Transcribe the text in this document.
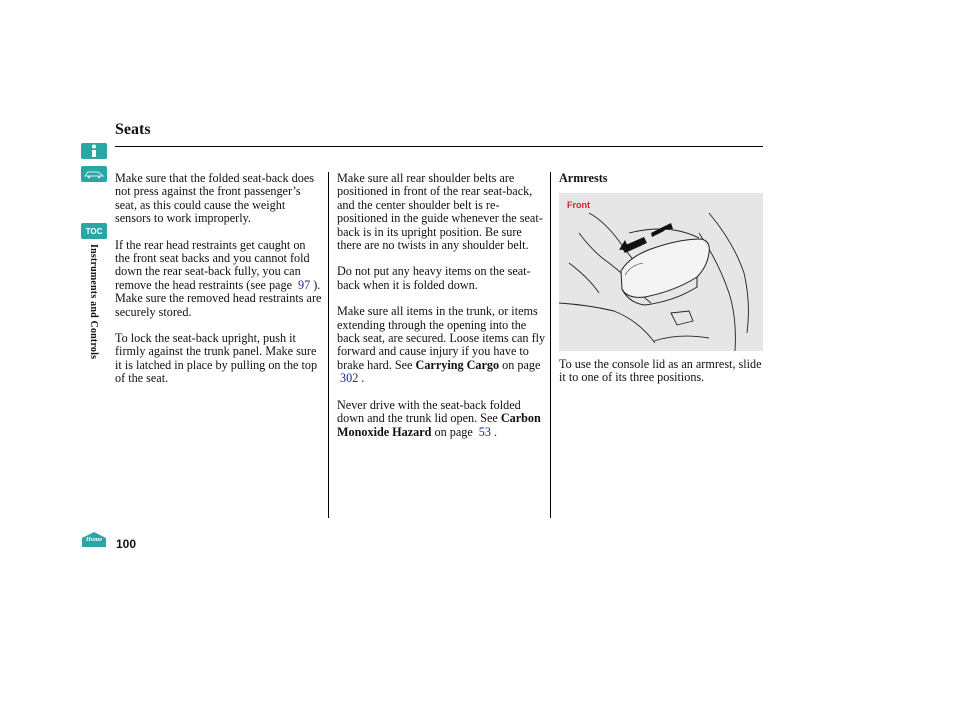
Seats
TOC
Instruments and Controls

Make sure that the folded seat-back does not press against the front passenger’s seat, as this could cause the weight sensors to work improperly.

If the rear head restraints get caught on the front seat backs and you cannot fold down the rear seat-back fully, you can remove the head restraints (see page 97 ).

Make sure the removed head restraints are securely stored.

To lock the seat-back upright, push it firmly against the trunk panel. Make sure it is latched in place by pulling on the top of the seat.

Make sure all rear shoulder belts are positioned in front of the rear seat-back, and the center shoulder belt is re-positioned in the guide whenever the seat-back is in its upright position. Be sure there are no twists in any shoulder belt.

Do not put any heavy items on the seat-back when it is folded down.

Make sure all items in the trunk, or items extending through the opening into the back seat, are secured. Loose items can fly forward and cause injury if you have to brake hard. See Carrying Cargo on page 302 .

Never drive with the seat-back folded down and the trunk lid open. See Carbon Monoxide Hazard on page 53 .

Armrests

Front

To use the console lid as an armrest, slide it to one of its three positions.

Home	100
